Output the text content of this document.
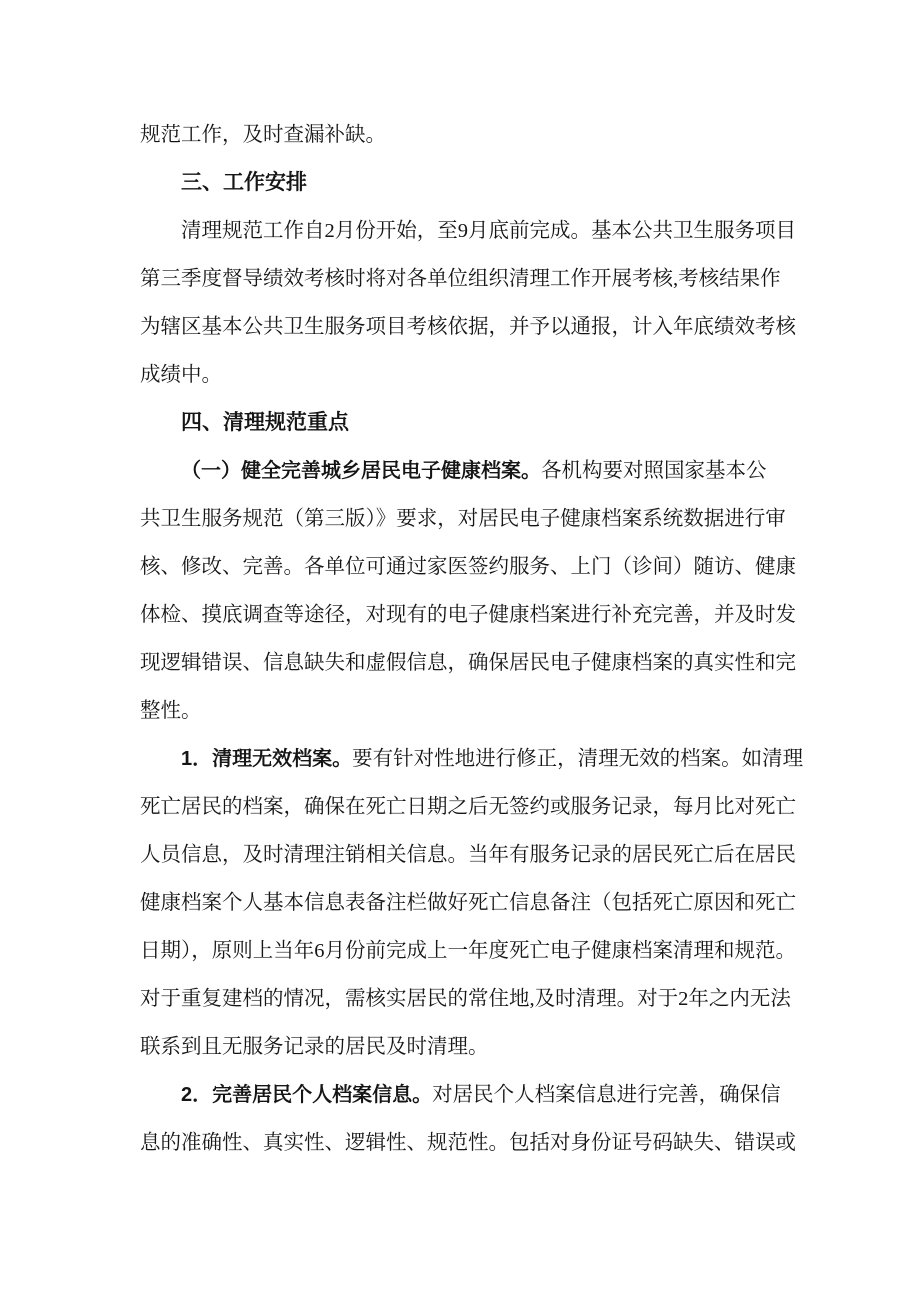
规范工作，及时查漏补缺。
三、工作安排
清理规范工作自2月份开始，至9月底前完成。基本公共卫生服务项目
第三季度督导绩效考核时将对各单位组织清理工作开展考核,考核结果作
为辖区基本公共卫生服务项目考核依据，并予以通报，计入年底绩效考核
成绩中。
四、清理规范重点
（一）健全完善城乡居民电子健康档案。各机构要对照国家基本公
共卫生服务规范（第三版）》要求，对居民电子健康档案系统数据进行审
核、修改、完善。各单位可通过家医签约服务、上门（诊间）随访、健康
体检、摸底调查等途径，对现有的电子健康档案进行补充完善，并及时发
现逻辑错误、信息缺失和虚假信息，确保居民电子健康档案的真实性和完
整性。
1．清理无效档案。要有针对性地进行修正，清理无效的档案。如清理
死亡居民的档案，确保在死亡日期之后无签约或服务记录，每月比对死亡
人员信息，及时清理注销相关信息。当年有服务记录的居民死亡后在居民
健康档案个人基本信息表备注栏做好死亡信息备注（包括死亡原因和死亡
日期），原则上当年6月份前完成上一年度死亡电子健康档案清理和规范。
对于重复建档的情况，需核实居民的常住地,及时清理。对于2年之内无法
联系到且无服务记录的居民及时清理。
2．完善居民个人档案信息。对居民个人档案信息进行完善，确保信
息的准确性、真实性、逻辑性、规范性。包括对身份证号码缺失、错误或
